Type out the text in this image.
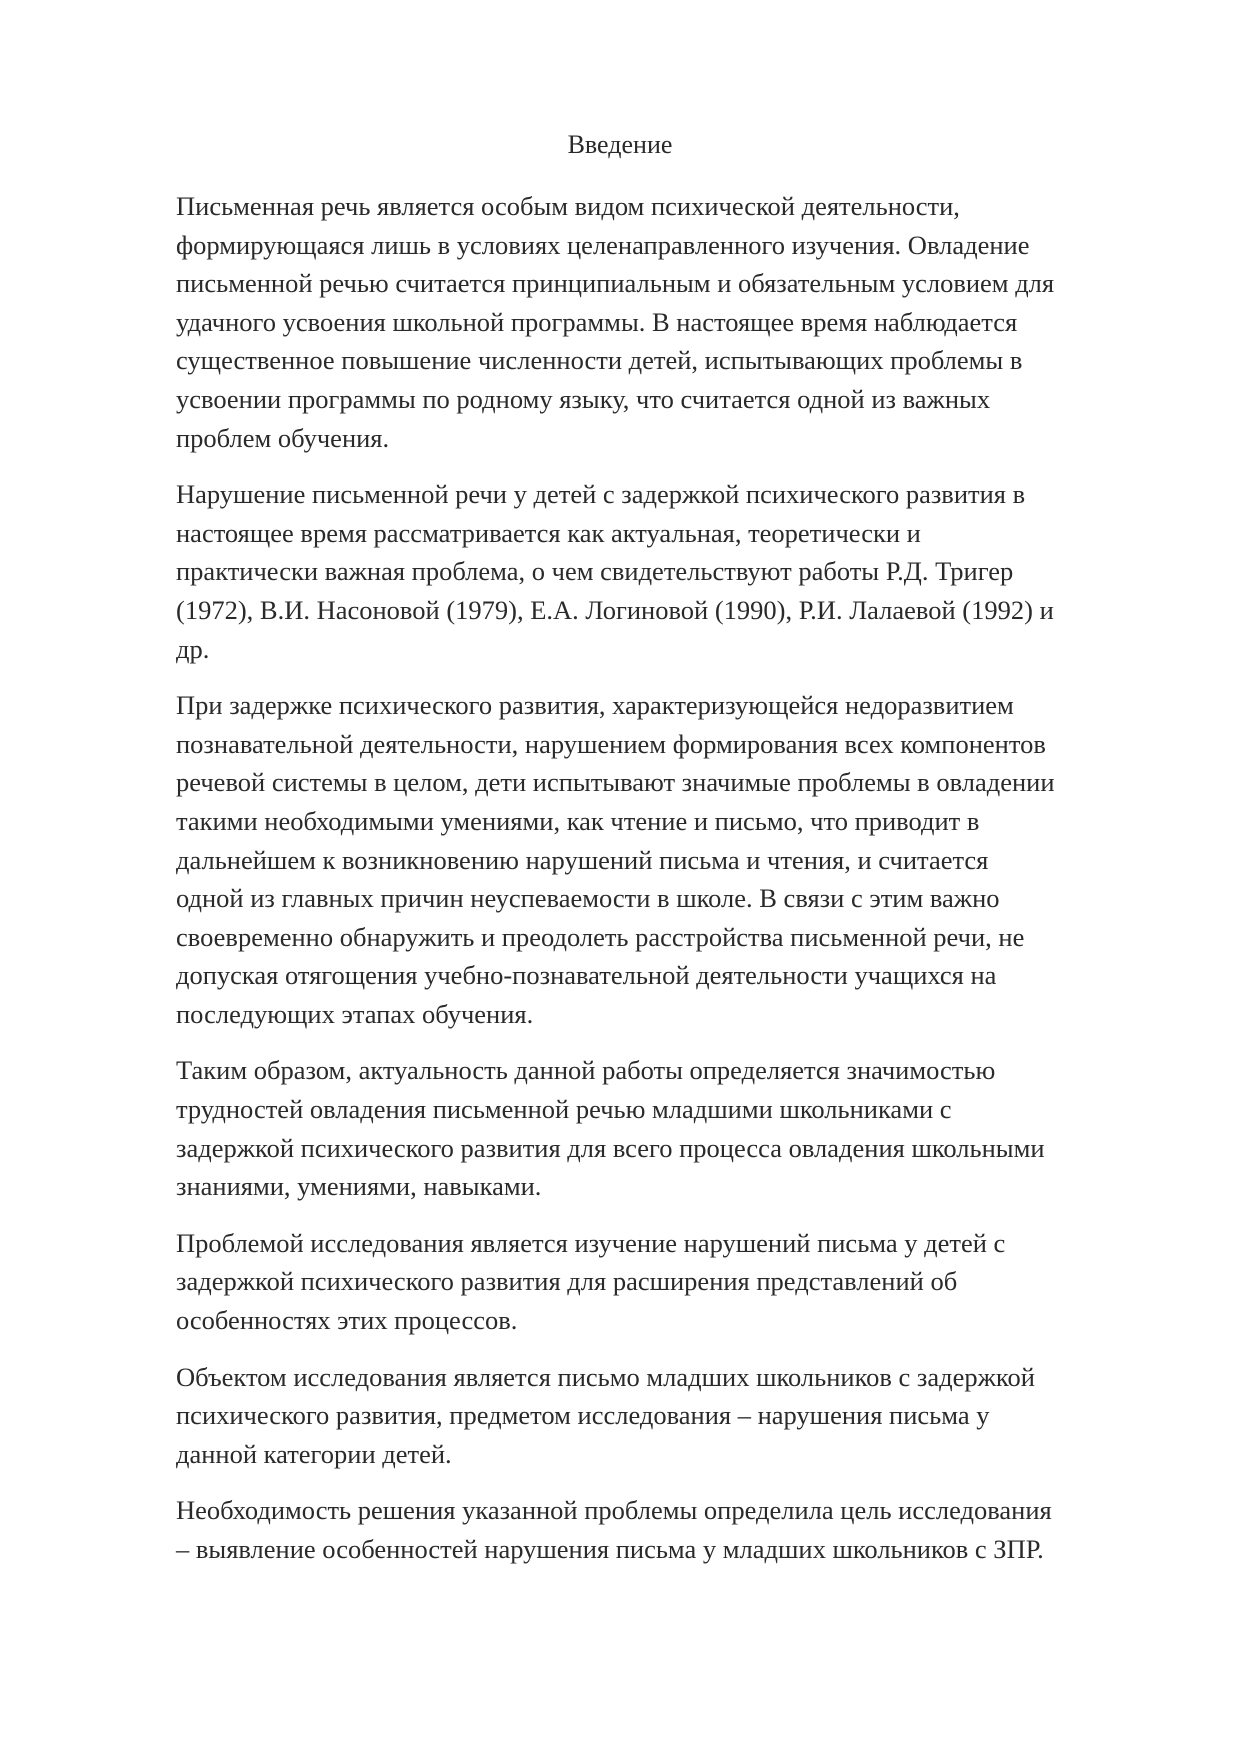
Введение

Письменная речь является особым видом психической деятельности,
формирующаяся лишь в условиях целенаправленного изучения. Овладение
письменной речью считается принципиальным и обязательным условием для
удачного усвоения школьной программы. В настоящее время наблюдается
существенное повышение численности детей, испытывающих проблемы в
усвоении программы по родному языку, что считается одной из важных
проблем обучения.

Нарушение письменной речи у детей с задержкой психического развития в
настоящее время рассматривается как актуальная, теоретически и
практически важная проблема, о чем свидетельствуют работы Р.Д. Тригер
(1972), В.И. Насоновой (1979), Е.А. Логиновой (1990), Р.И. Лалаевой (1992) и
др.

При задержке психического развития, характеризующейся недоразвитием
познавательной деятельности, нарушением формирования всех компонентов
речевой системы в целом, дети испытывают значимые проблемы в овладении
такими необходимыми умениями, как чтение и письмо, что приводит в
дальнейшем к возникновению нарушений письма и чтения, и считается
одной из главных причин неуспеваемости в школе. В связи с этим важно
своевременно обнаружить и преодолеть расстройства письменной речи, не
допуская отягощения учебно-познавательной деятельности учащихся на
последующих этапах обучения.

Таким образом, актуальность данной работы определяется значимостью
трудностей овладения письменной речью младшими школьниками с
задержкой психического развития для всего процесса овладения школьными
знаниями, умениями, навыками.

Проблемой исследования является изучение нарушений письма у детей с
задержкой психического развития для расширения представлений об
особенностях этих процессов.

Объектом исследования является письмо младших школьников с задержкой
психического развития, предметом исследования – нарушения письма у
данной категории детей.

Необходимость решения указанной проблемы определила цель исследования
– выявление особенностей нарушения письма у младших школьников с ЗПР.
